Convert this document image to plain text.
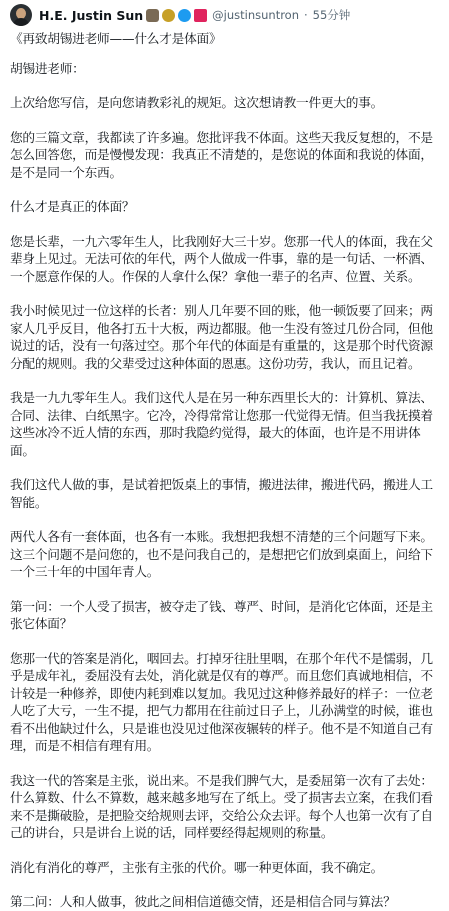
H.E. Justin Sun	@justinsuntron · 55分钟

《再致胡锡进老师——什么才是体面》

胡锡进老师：

上次给您写信，是向您请教彩礼的规矩。这次想请教一件更大的事。

您的三篇文章，我都读了许多遍。您批评我不体面。这些天我反复想的，不是怎么回答您，而是慢慢发现：我真正不清楚的，是您说的体面和我说的体面，是不是同一个东西。

什么才是真正的体面？

您是长辈，一九六零年生人，比我刚好大三十岁。您那一代人的体面，我在父辈身上见过。无法可依的年代，两个人做成一件事，靠的是一句话、一杯酒、一个愿意作保的人。作保的人拿什么保？拿他一辈子的名声、位置、关系。

我小时候见过一位这样的长者：别人几年要不回的账，他一顿饭要了回来；两家人几乎反目，他各打五十大板，两边都服。他一生没有签过几份合同，但他说过的话，没有一句落过空。那个年代的体面是有重量的，这是那个时代资源分配的规则。我的父辈受过这种体面的恩惠。这份功劳，我认，而且记着。

我是一九九零年生人。我们这代人是在另一种东西里长大的：计算机、算法、合同、法律、白纸黑字。它冷，冷得常常让您那一代觉得无情。但当我抚摸着这些冰冷不近人情的东西，那时我隐约觉得，最大的体面，也许是不用讲体面。

我们这代人做的事，是试着把饭桌上的事情，搬进法律，搬进代码，搬进人工智能。

两代人各有一套体面，也各有一本账。我想把我想不清楚的三个问题写下来。这三个问题不是问您的，也不是问我自己的，是想把它们放到桌面上，问给下一个三十年的中国年青人。

第一问：一个人受了损害，被夺走了钱、尊严、时间，是消化它体面，还是主张它体面？

您那一代的答案是消化，咽回去。打掉牙往肚里咽，在那个年代不是懦弱，几乎是成年礼，委屈没有去处，消化就是仅有的尊严。而且您们真诚地相信，不计较是一种修养，即使内耗到难以复加。我见过这种修养最好的样子：一位老人吃了大亏，一生不提，把气力都用在往前过日子上，儿孙满堂的时候，谁也看不出他缺过什么，只是谁也没见过他深夜辗转的样子。他不是不知道自己有理，而是不相信有理有用。

我这一代的答案是主张，说出来。不是我们脾气大，是委屈第一次有了去处：什么算数、什么不算数，越来越多地写在了纸上。受了损害去立案，在我们看来不是撕破脸，是把脸交给规则去评，交给公众去评。每个人也第一次有了自己的讲台，只是讲台上说的话，同样要经得起规则的称量。

消化有消化的尊严，主张有主张的代价。哪一种更体面，我不确定。

第二问：人和人做事，彼此之间相信道德交情，还是相信合同与算法？
